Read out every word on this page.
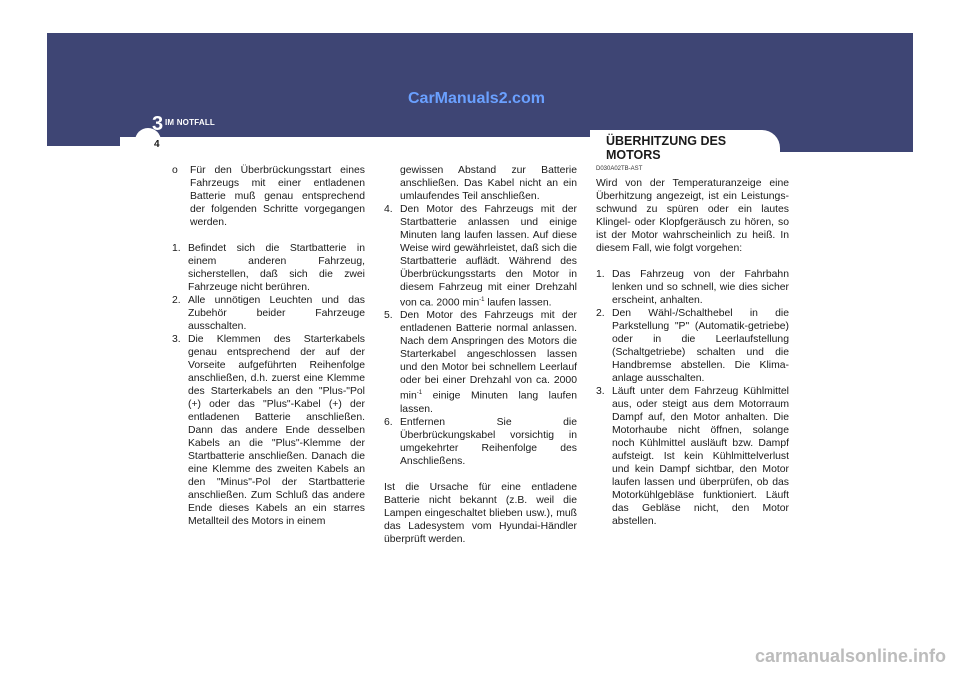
3 IM NOTFALL
4
CarManuals2.com
ÜBERHITZUNG DES
MOTORS
o Für den Überbrückungsstart eines Fahrzeugs mit einer entladenen Batterie muß genau entsprechend der folgenden Schritte vorgegangen werden.
1. Befindet sich die Startbatterie in einem anderen Fahrzeug, sicherstellen, daß sich die zwei Fahrzeuge nicht berühren.
2. Alle unnötigen Leuchten und das Zubehör beider Fahrzeuge ausschalten.
3. Die Klemmen des Starterkabels genau entsprechend der auf der Vorseite aufgeführten Reihenfolge anschließen, d.h. zuerst eine Klemme des Starterkabels an den "Plus-"Pol (+) oder das "Plus"-Kabel (+) der entladenen Batterie anschließen. Dann das andere Ende desselben Kabels an die "Plus"-Klemme der Startbatterie anschließen. Danach die eine Klemme des zweiten Kabels an den "Minus"-Pol der Startbatterie anschließen. Zum Schluß das andere Ende dieses Kabels an ein starres Metallteil des Motors in einem
gewissen Abstand zur Batterie anschließen. Das Kabel nicht an ein umlaufendes Teil anschließen.
4. Den Motor des Fahrzeugs mit der Startbatterie anlassen und einige Minuten lang laufen lassen. Auf diese Weise wird gewährleistet, daß sich die Startbatterie auflädt. Während des Überbrückungsstarts den Motor in diesem Fahrzeug mit einer Drehzahl von ca. 2000 $\min^{-1}$ laufen lassen.
5. Den Motor des Fahrzeugs mit der entladenen Batterie normal anlassen. Nach dem Anspringen des Motors die Starterkabel angeschlossen lassen und den Motor bei schnellem Leerlauf oder bei einer Drehzahl von ca. 2000 $\min^{-1}$ einige Minuten lang laufen lassen.
6. Entfernen Sie die Überbrückungskabel vorsichtig in umgekehrter Reihenfolge des Anschließens.

Ist die Ursache für eine entladene Batterie nicht bekannt (z.B. weil die Lampen eingeschaltet blieben usw.), muß das Ladesystem vom Hyundai-Händler überprüft werden.

D030A02TB-AST

Wird von der Temperaturanzeige eine Überhitzung angezeigt, ist ein Leistungs-schwund zu spüren oder ein lautes Klingel- oder Klopfgeräusch zu hören, so ist der Motor wahrscheinlich zu heiß. In diesem Fall, wie folgt vorgehen:

1. Das Fahrzeug von der Fahrbahn lenken und so schnell, wie dies sicher erscheint, anhalten.
2. Den Wähl-/Schalthebel in die Parkstellung "P" (Automatik-getriebe) oder in die Leerlaufstellung (Schaltgetriebe) schalten und die Handbremse abstellen. Die Klima-anlage ausschalten.
3. Läuft unter dem Fahrzeug Kühlmittel aus, oder steigt aus dem Motorraum Dampf auf, den Motor anhalten. Die Motorhaube nicht öffnen, solange noch Kühlmittel ausläuft bzw. Dampf aufsteigt. Ist kein Kühlmittelverlust und kein Dampf sichtbar, den Motor laufen lassen und überprüfen, ob das Motorkühlgebläse funktioniert. Läuft das Gebläse nicht, den Motor abstellen.
carmanualsonline.info
